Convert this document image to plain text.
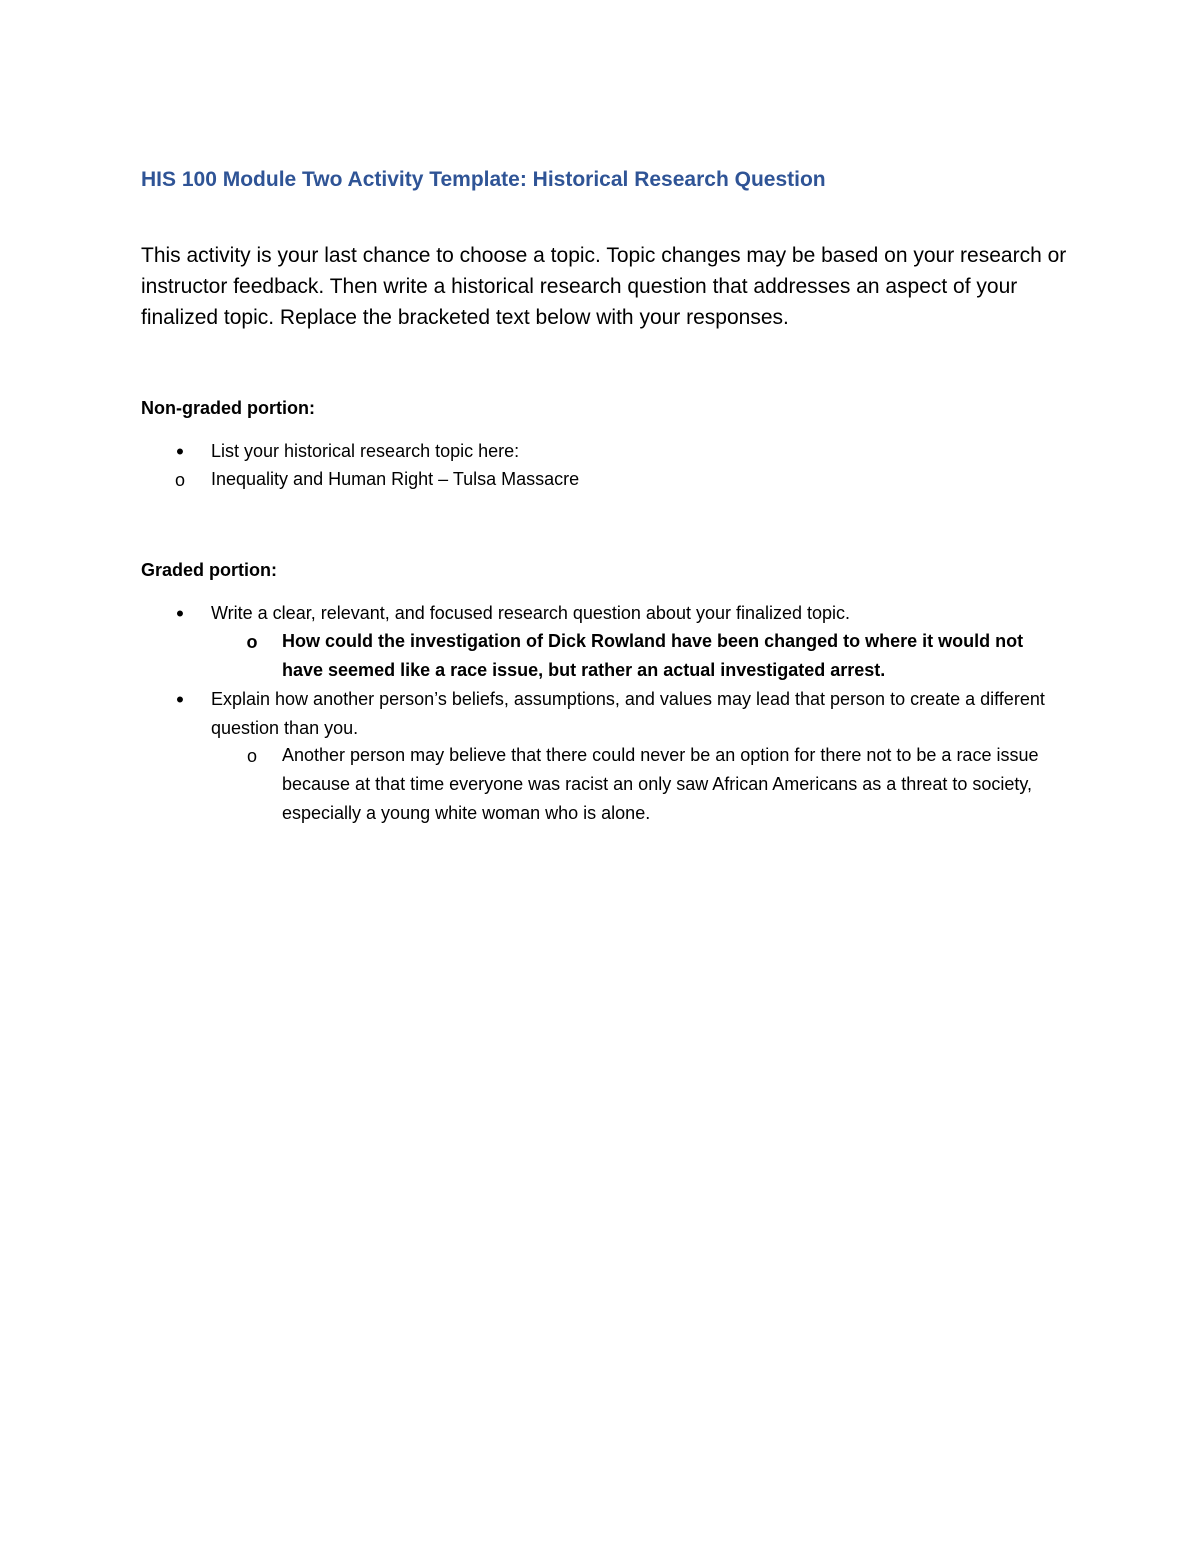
HIS 100 Module Two Activity Template: Historical Research Question
This activity is your last chance to choose a topic. Topic changes may be based on your research or instructor feedback. Then write a historical research question that addresses an aspect of your finalized topic. Replace the bracketed text below with your responses.
Non-graded portion:
•	List your historical research topic here:
o Inequality and Human Right – Tulsa Massacre
Graded portion:
•	Write a clear, relevant, and focused research question about your finalized topic.
o How could the investigation of Dick Rowland have been changed to where it would not have seemed like a race issue, but rather an actual investigated arrest.
•	Explain how another person’s beliefs, assumptions, and values may lead that person to create a different question than you.
o Another person may believe that there could never be an option for there not to be a race issue because at that time everyone was racist an only saw African Americans as a threat to society, especially a young white woman who is alone.
